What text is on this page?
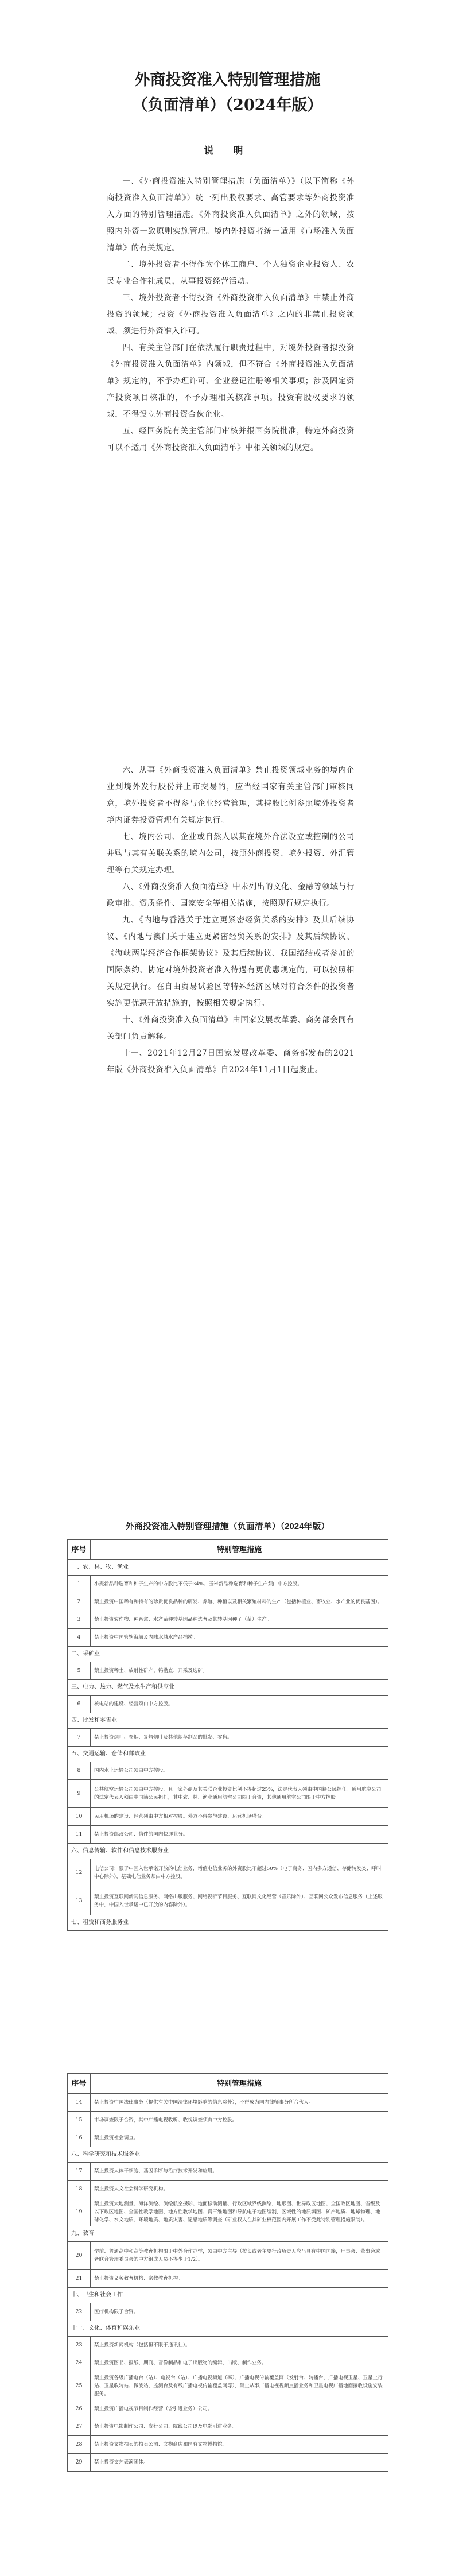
外商投资准入特别管理措施
（负面清单）（2024年版）
说 明

一、《外商投资准入特别管理措施（负面清单）》（以下简称《外商投资准入负面清单》）统一列出股权要求、高管要求等外商投资准入方面的特别管理措施。《外商投资准入负面清单》之外的领域，按照内外资一致原则实施管理。境内外投资者统一适用《市场准入负面清单》的有关规定。

二、境外投资者不得作为个体工商户、个人独资企业投资人、农民专业合作社成员，从事投资经营活动。

三、境外投资者不得投资《外商投资准入负面清单》中禁止外商投资的领域；投资《外商投资准入负面清单》之内的非禁止投资领域，须进行外资准入许可。

四、有关主管部门在依法履行职责过程中，对境外投资者拟投资《外商投资准入负面清单》内领域，但不符合《外商投资准入负面清单》规定的，不予办理许可、企业登记注册等相关事项；涉及固定资产投资项目核准的，不予办理相关核准事项。投资有股权要求的领域，不得设立外商投资合伙企业。

五、经国务院有关主管部门审核并报国务院批准，特定外商投资可以不适用《外商投资准入负面清单》中相关领域的规定。

六、从事《外商投资准入负面清单》禁止投资领域业务的境内企业到境外发行股份并上市交易的，应当经国家有关主管部门审核同意，境外投资者不得参与企业经营管理，其持股比例参照境外投资者境内证券投资管理有关规定执行。

七、境内公司、企业或自然人以其在境外合法设立或控制的公司并购与其有关联关系的境内公司，按照外商投资、境外投资、外汇管理等有关规定办理。

八、《外商投资准入负面清单》中未列出的文化、金融等领域与行政审批、资质条件、国家安全等相关措施，按照现行规定执行。

九、《内地与香港关于建立更紧密经贸关系的安排》及其后续协议、《内地与澳门关于建立更紧密经贸关系的安排》及其后续协议、《海峡两岸经济合作框架协议》及其后续协议、我国缔结或者参加的国际条约、协定对境外投资者准入待遇有更优惠规定的，可以按照相关规定执行。在自由贸易试验区等特殊经济区域对符合条件的投资者实施更优惠开放措施的，按照相关规定执行。

十、《外商投资准入负面清单》由国家发展改革委、商务部会同有关部门负责解释。

十一、2021年12月27日国家发展改革委、商务部发布的2021年版《外商投资准入负面清单》自2024年11月1日起废止。

外商投资准入特别管理措施（负面清单）（2024年版）
序号	特别管理措施
一、农、林、牧、渔业	
1	小麦新品种选育和种子生产的中方股比不低于34%、玉米新品种选育和种子生产须由中方控股。
2	禁止投资中国稀有和特有的珍贵优良品种的研发、养殖、种植以及相关繁殖材料的生产（包括种植业、畜牧业、水产业的优良基因）。
3	禁止投资农作物、种畜禽、水产苗种转基因品种选育及其转基因种子（苗）生产。
4	禁止投资中国管辖海域及内陆水域水产品捕捞。
二、采矿业	
5	禁止投资稀土、放射性矿产、钨勘查、开采及选矿。
三、电力、热力、燃气及水生产和供应业	
6	核电站的建设、经营须由中方控股。
四、批发和零售业	
7	禁止投资烟叶、卷烟、复烤烟叶及其他烟草制品的批发、零售。
五、交通运输、仓储和邮政业	
8	国内水上运输公司须由中方控股。
9	公共航空运输公司须由中方控股，且一家外商及其关联企业投资比例不得超过25%，法定代表人须由中国籍公民担任。通用航空公司的法定代表人须由中国籍公民担任，其中农、林、渔业通用航空公司限于合资，其他通用航空公司限于中方控股。
10	民用机场的建设、经营须由中方相对控股。外方不得参与建设、运营机场塔台。
11	禁止投资邮政公司、信件的国内快递业务。
六、信息传输、软件和信息技术服务业	
12	电信公司：限于中国入世承诺开放的电信业务，增值电信业务的外资股比不超过50%（电子商务、国内多方通信、存储转发类、呼叫中心除外），基础电信业务须由中方控股。
13	禁止投资互联网新闻信息服务、网络出版服务、网络视听节目服务、互联网文化经营（音乐除外）、互联网公众发布信息服务（上述服务中，中国入世承诺中已开放的内容除外）。
七、租赁和商务服务业	
序号	特别管理措施
14	禁止投资中国法律事务（提供有关中国法律环境影响的信息除外），不得成为国内律师事务所合伙人。
15	市场调查限于合资，其中广播电视收听、收视调查须由中方控股。
16	禁止投资社会调查。
八、科学研究和技术服务业	
17	禁止投资人体干细胞、基因诊断与治疗技术开发和应用。
18	禁止投资人文社会科学研究机构。
19	禁止投资大地测量、海洋测绘、测绘航空摄影、地面移动测量、行政区域界线测绘，地形图、世界政区地图、全国政区地图、省级及以下政区地图、全国性教学地图、地方性教学地图、真三维地图和导航电子地图编制，区域性的地质填图、矿产地质、地球物理、地球化学、水文地质、环境地质、地质灾害、遥感地质等调查（矿业权人在其矿业权范围内开展工作不受此特别管理措施限制）。
九、教育	
20	学前、普通高中和高等教育机构限于中外合作办学，须由中方主导（校长或者主要行政负责人应当具有中国国籍，理事会、董事会或者联合管理委员会的中方组成人员不得少于1/2）。
21	禁止投资义务教育机构、宗教教育机构。
十、卫生和社会工作	
22	医疗机构限于合资。
十一、文化、体育和娱乐业	
23	禁止投资新闻机构（包括但不限于通讯社）。
24	禁止投资图书、报纸、期刊、音像制品和电子出版物的编辑、出版、制作业务。
25	禁止投资各级广播电台（站）、电视台（站）、广播电视频道（率）、广播电视传输覆盖网（发射台、转播台、广播电视卫星、卫星上行站、卫星收转站、微波站、监测台及有线广播电视传输覆盖网等），禁止从事广播电视视频点播业务和卫星电视广播地面接收设施安装服务。
26	禁止投资广播电视节目制作经营（含引进业务）公司。
27	禁止投资电影制作公司、发行公司、院线公司以及电影引进业务。
28	禁止投资文物拍卖的拍卖公司、文物商店和国有文物博物馆。
29	禁止投资文艺表演团体。
